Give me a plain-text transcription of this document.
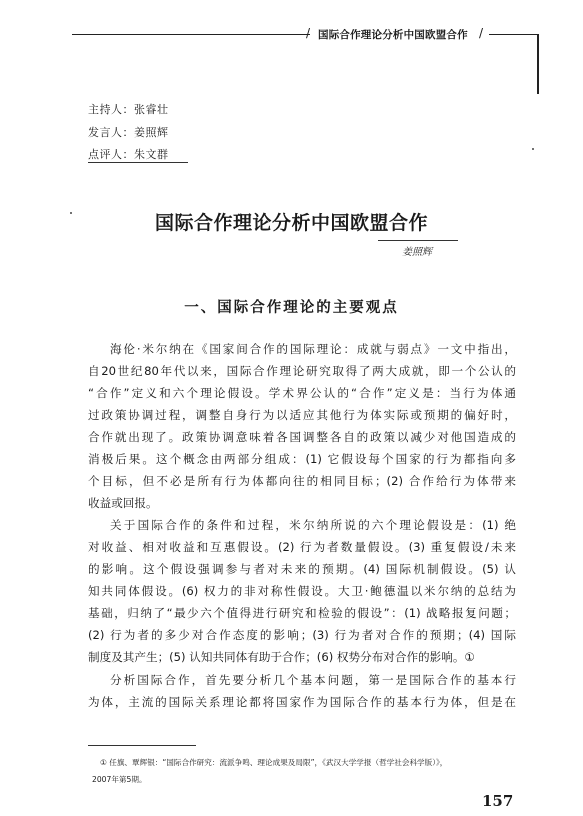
/ 国际合作理论分析中国欧盟合作 /
主持人：张睿壮
发言人：姜照辉
点评人：朱文群
国际合作理论分析中国欧盟合作
姜照辉
一、国际合作理论的主要观点
海伦·米尔纳在《国家间合作的国际理论：成就与弱点》一文中指出，
自20世纪80年代以来，国际合作理论研究取得了两大成就，即一个公认的
“合作”定义和六个理论假设。学术界公认的“合作”定义是：当行为体通
过政策协调过程，调整自身行为以适应其他行为体实际或预期的偏好时，
合作就出现了。政策协调意味着各国调整各自的政策以减少对他国造成的
消极后果。这个概念由两部分组成：(1) 它假设每个国家的行为都指向多
个目标，但不必是所有行为体都向往的相同目标；(2) 合作给行为体带来
收益或回报。
关于国际合作的条件和过程，米尔纳所说的六个理论假设是：(1) 绝
对收益、相对收益和互惠假设。(2) 行为者数量假设。(3) 重复假设/未来
的影响。这个假设强调参与者对未来的预期。(4) 国际机制假设。(5) 认
知共同体假设。(6) 权力的非对称性假设。大卫·鲍德温以米尔纳的总结为
基础，归纳了“最少六个值得进行研究和检验的假设”：(1) 战略报复问题；
(2) 行为者的多少对合作态度的影响；(3) 行为者对合作的预期；(4) 国际
制度及其产生；(5) 认知共同体有助于合作；(6) 权势分布对合作的影响。①
分析国际合作，首先要分析几个基本问题，第一是国际合作的基本行
为体，主流的国际关系理论都将国家作为国际合作的基本行为体，但是在
① 任旗、覃辉银：“国际合作研究：流派争鸣、理论成果及局限”，《武汉大学学报（哲学社会科学版）》，
2007年第5期。
157
